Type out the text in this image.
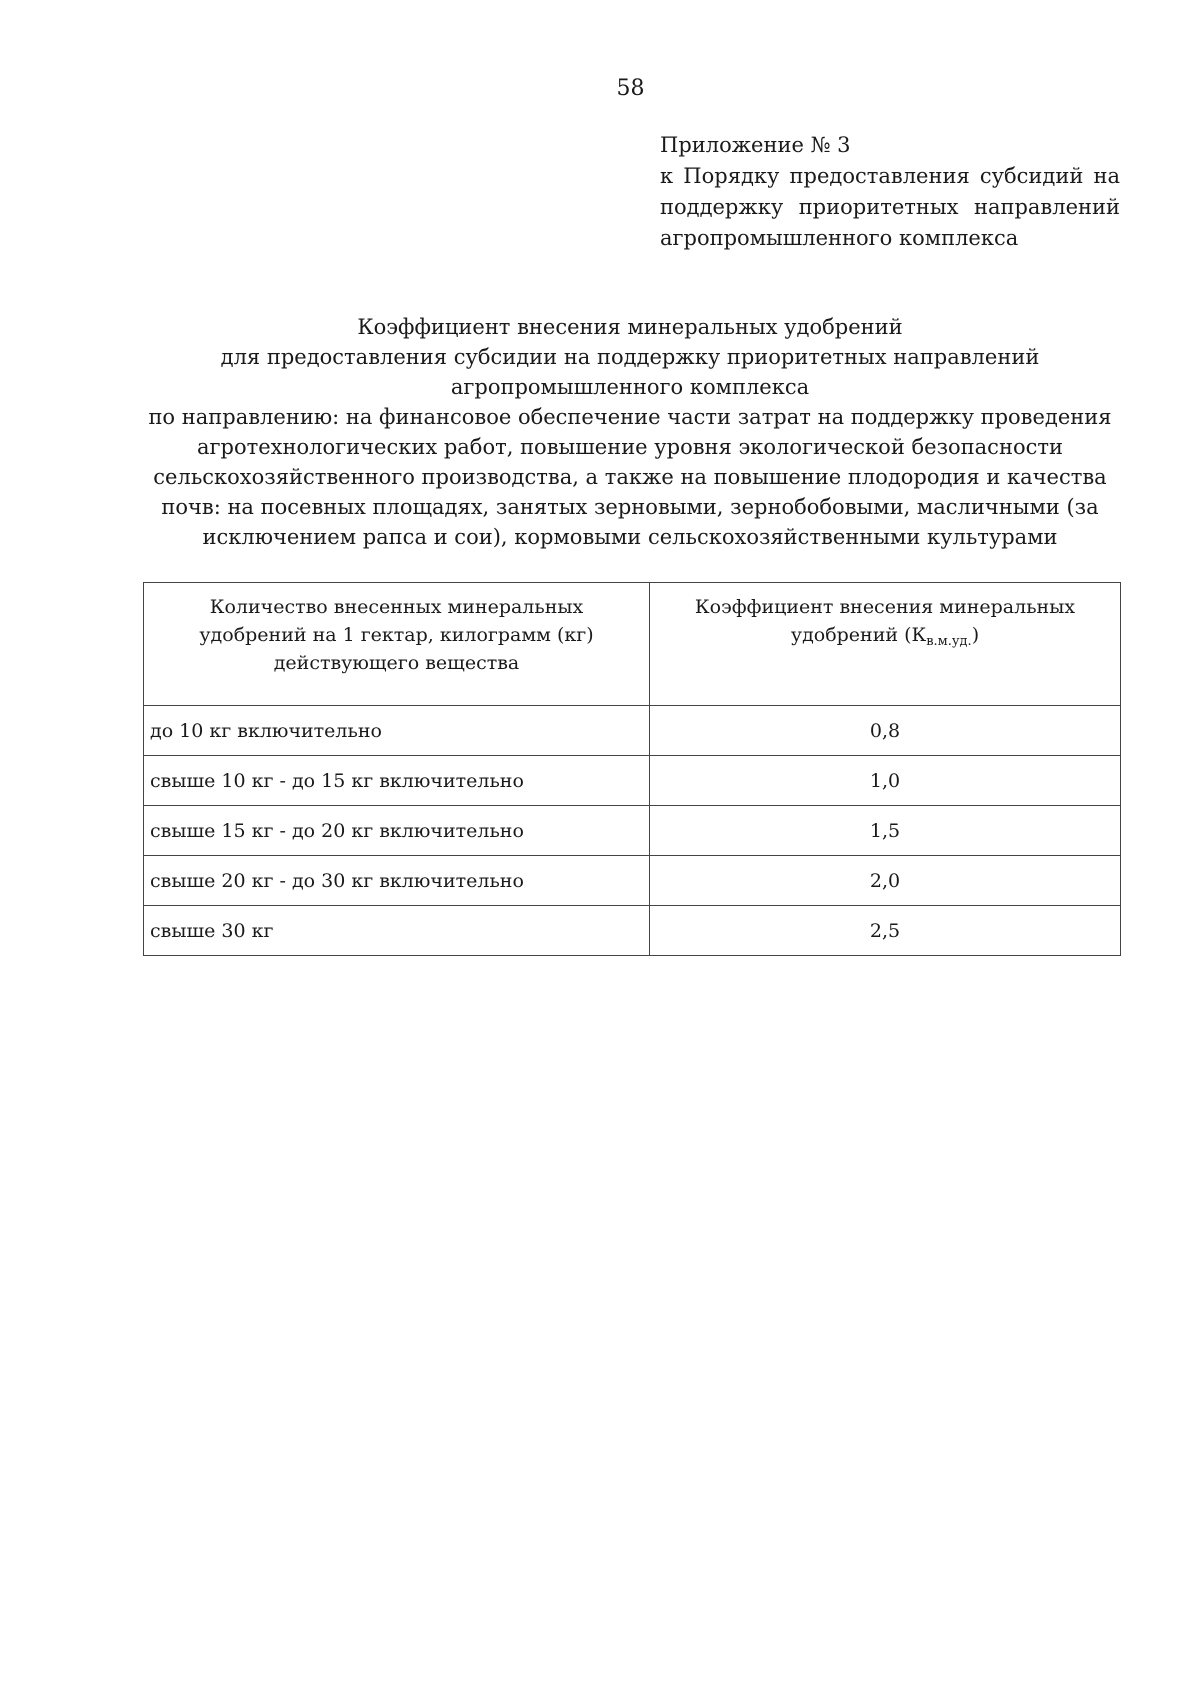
58
Приложение № 3
к Порядку предоставления субсидий на
поддержку приоритетных направлений
агропромышленного комплекса
Коэффициент внесения минеральных удобрений
для предоставления субсидии на поддержку приоритетных направлений
агропромышленного комплекса
по направлению: на финансовое обеспечение части затрат на поддержку проведения
агротехнологических работ, повышение уровня экологической безопасности
сельскохозяйственного производства, а также на повышение плодородия и качества
почв: на посевных площадях, занятых зерновыми, зернобобовыми, масличными (за
исключением рапса и сои), кормовыми сельскохозяйственными культурами
Количество внесенных минеральных удобрений на 1 гектар, килограмм (кг) действующего вещества	Коэффициент внесения минеральных удобрений $(К_{в.м.уд.})$
до 10 кг включительно	0,8
свыше 10 кг - до 15 кг включительно	1,0
свыше 15 кг - до 20 кг включительно	1,5
свыше 20 кг - до 30 кг включительно	2,0
свыше 30 кг	2,5
